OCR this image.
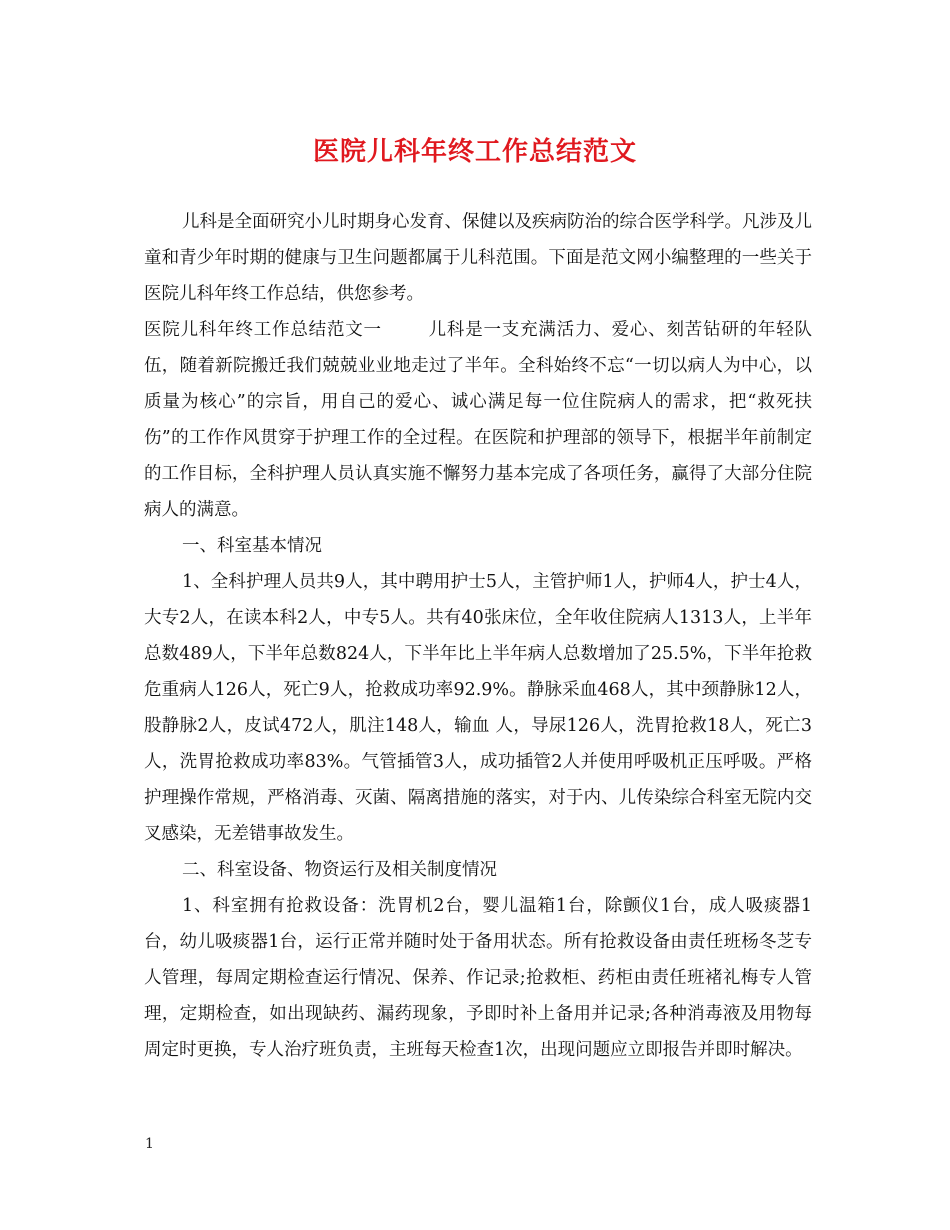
医院儿科年终工作总结范文

儿科是全面研究小儿时期身心发育、保健以及疾病防治的综合医学科学。凡涉及儿童和青少年时期的健康与卫生问题都属于儿科范围。下面是范文网小编整理的一些关于医院儿科年终工作总结，供您参考。

医院儿科年终工作总结范文一	儿科是一支充满活力、爱心、刻苦钻研的年轻队伍，随着新院搬迁我们兢兢业业地走过了半年。全科始终不忘“一切以病人为中心，以质量为核心”的宗旨，用自己的爱心、诚心满足每一位住院病人的需求，把“救死扶伤”的工作作风贯穿于护理工作的全过程。在医院和护理部的领导下，根据半年前制定的工作目标，全科护理人员认真实施不懈努力基本完成了各项任务，赢得了大部分住院病人的满意。

一、科室基本情况

1、全科护理人员共9人，其中聘用护士5人，主管护师1人，护师4人，护士4人，大专2人，在读本科2人，中专5人。共有40张床位，全年收住院病人1313人，上半年总数489人，下半年总数824人，下半年比上半年病人总数增加了25.5%，下半年抢救危重病人126人，死亡9人，抢救成功率92.9%。静脉采血468人，其中颈静脉12人，股静脉2人，皮试472人，肌注148人，输血 人，导尿126人，洗胃抢救18人，死亡3人，洗胃抢救成功率83%。气管插管3人，成功插管2人并使用呼吸机正压呼吸。严格护理操作常规，严格消毒、灭菌、隔离措施的落实，对于内、儿传染综合科室无院内交叉感染，无差错事故发生。

二、科室设备、物资运行及相关制度情况

1、科室拥有抢救设备：洗胃机2台，婴儿温箱1台，除颤仪1台，成人吸痰器1台，幼儿吸痰器1台，运行正常并随时处于备用状态。所有抢救设备由责任班杨冬芝专人管理，每周定期检查运行情况、保养、作记录;抢救柜、药柜由责任班褚礼梅专人管理，定期检查，如出现缺药、漏药现象，予即时补上备用并记录;各种消毒液及用物每周定时更换，专人治疗班负责，主班每天检查1次，出现问题应立即报告并即时解决。

1
